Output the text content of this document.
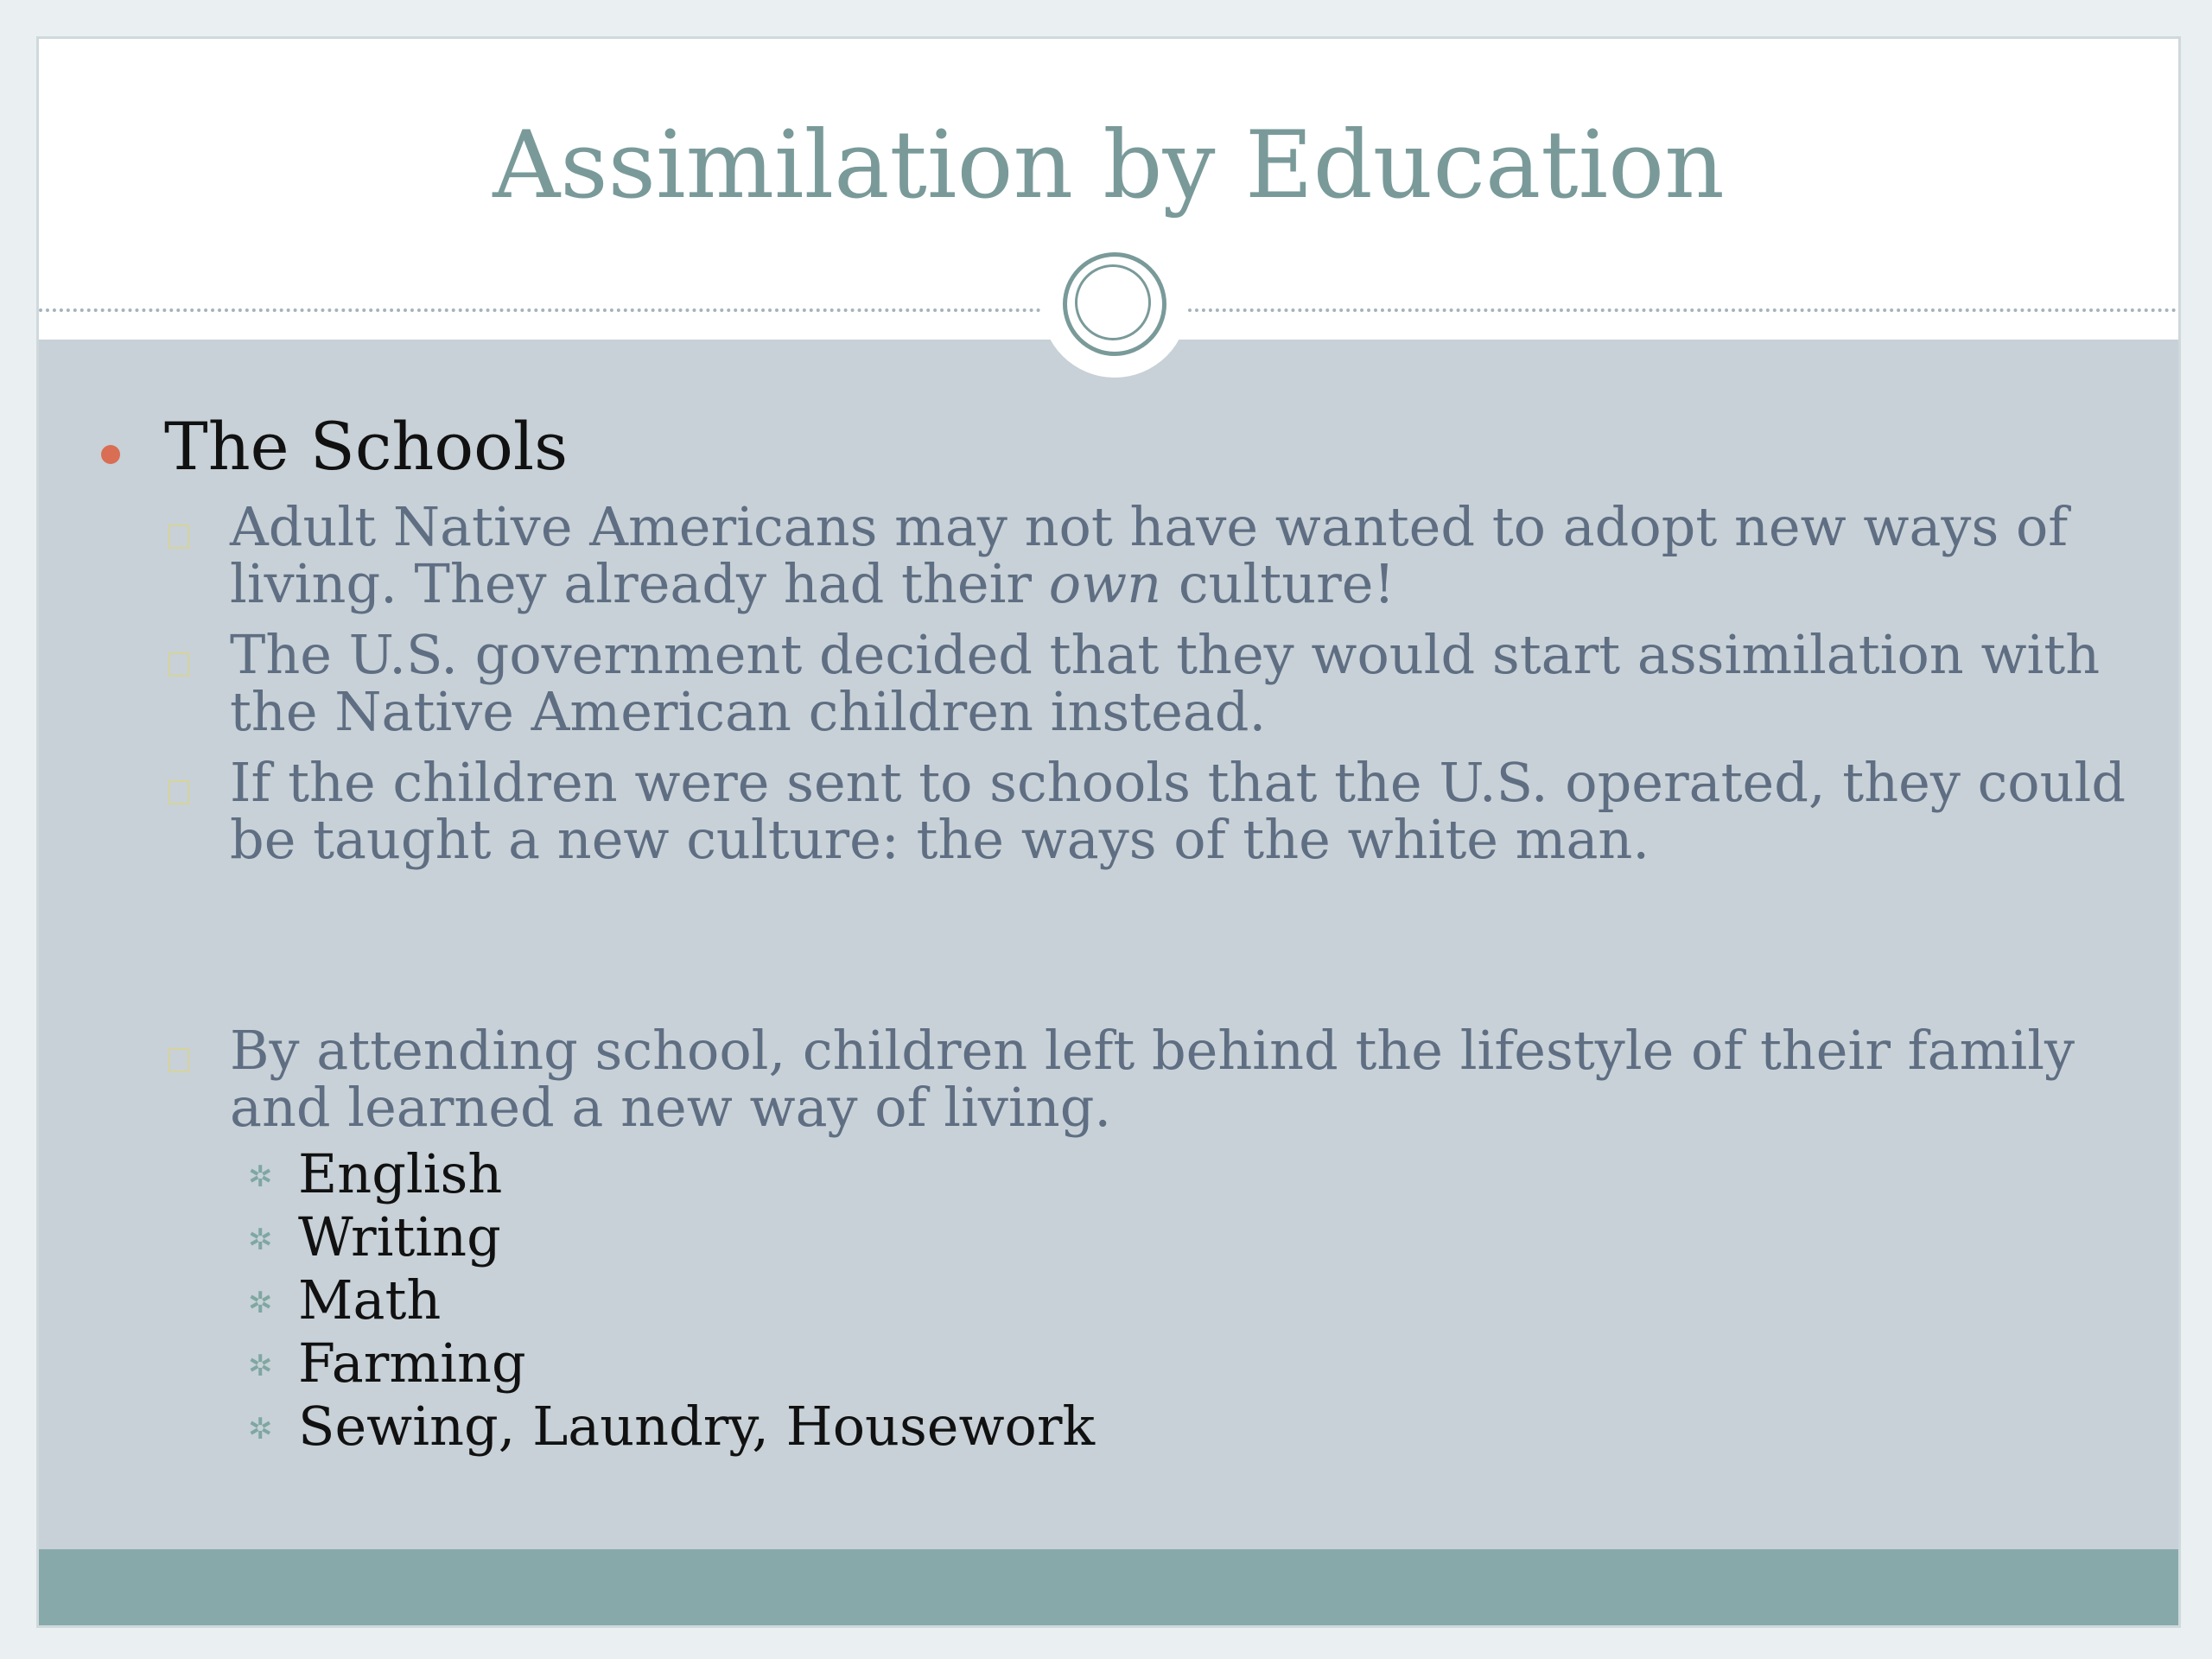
Assimilation by Education
The Schools
Adult Native Americans may not have wanted to adopt new ways of living. They already had their own culture!
The U.S. government decided that they would start assimilation with the Native American children instead.
If the children were sent to schools that the U.S. operated, they could be taught a new culture: the ways of the white man.
By attending school, children left behind the lifestyle of their family and learned a new way of living.
✲ English
✲ Writing
✲ Math
✲ Farming
✲ Sewing, Laundry, Housework
